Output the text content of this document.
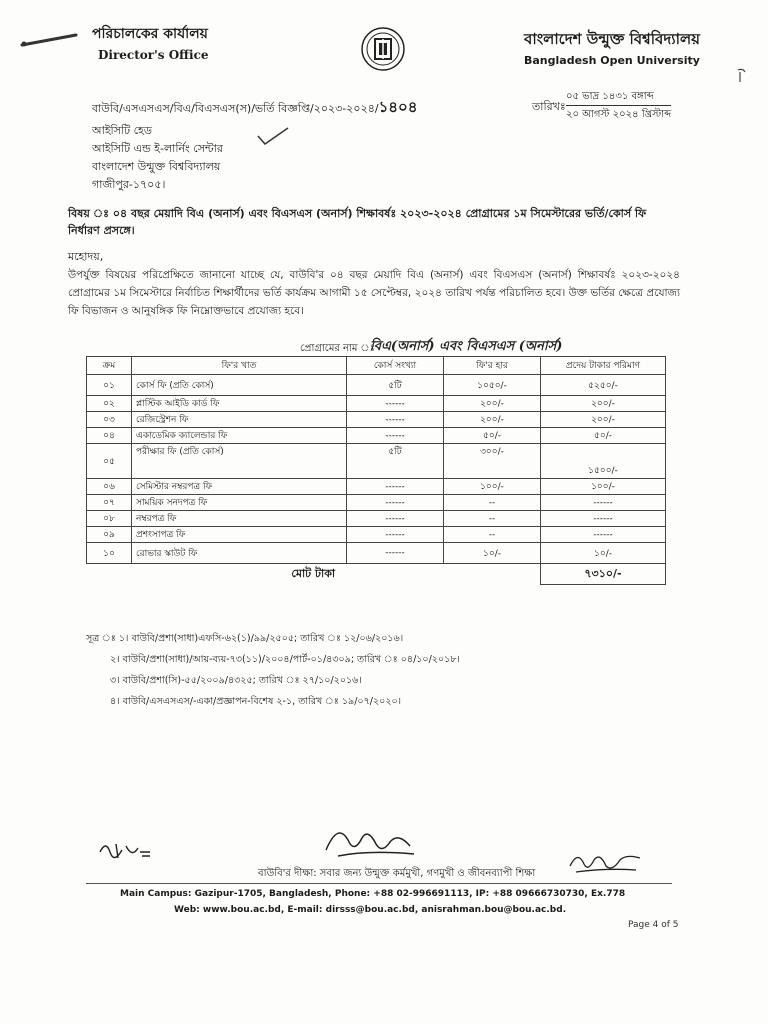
পরিচালকের কার্যালয়
Director's Office
বাংলাদেশ উন্মুক্ত বিশ্ববিদ্যালয়
Bangladesh Open University
বাউবি/এসএসএস/বিএ/বিএসএস(স)/ভর্তি বিজ্ঞপ্তি/২০২৩-২০২৪/১৪০৪	তারিখঃ
০৫ ভাদ্র ১৪৩১ বঙ্গাব্দ
২০ আগস্ট ২০২৪ খ্রিস্টাব্দ
আইসিটি হেড
আইসিটি এন্ড ই-লার্নিং সেন্টার
বাংলাদেশ উন্মুক্ত বিশ্ববিদ্যালয়
গাজীপুর-১৭০৫।
বিষয় ঃ ০৪ বছর মেয়াদি বিএ (অনার্স) এবং বিএসএস (অনার্স) শিক্ষাবর্ষঃ ২০২৩-২০২৪ প্রোগ্রামের ১ম সিমেস্টারের ভর্তি/কোর্স ফি নির্ধারণ প্রসঙ্গে।
মহোদয়,
উপর্যুক্ত বিষয়ের পরিপ্রেক্ষিতে জানানো যাচ্ছে যে, বাউবি'র ০৪ বছর মেয়াদি বিএ (অনার্স) এবং বিএসএস (অনার্স) শিক্ষাবর্ষঃ ২০২৩-২০২৪ প্রোগ্রামের ১ম সিমেস্টারে নির্বাচিত শিক্ষার্থীদের ভর্তি কার্যক্রম আগামী ১৫ সেপ্টেম্বর, ২০২৪ তারিখ পর্যন্ত পরিচালিত হবে। উক্ত ভর্তির ক্ষেত্রে প্রযোজ্য ফি বিভাজন ও আনুষঙ্গিক ফি নিম্নোক্তভাবে প্রযোজ্য হবে।
প্রোগ্রামের নাম ঃ
বিএ(অনার্স) এবং বিএসএস (অনার্স)
ক্রম	ফি'র খাত	কোর্স সংখ্যা	ফি'র হার	প্রদেয় টাকার পরিমাণ
০১	কোর্স ফি (প্রতি কোর্স)	৫টি	১০৫০/-	৫২৫০/-
০২	প্লাস্টিক আইডি কার্ড ফি	------	২০০/-	২০০/-
০৩	রেজিস্ট্রেশন ফি	------	২০০/-	২০০/-
০৪	একাডেমিক ক্যালেন্ডার ফি	------	৫০/-	৫০/-
০৫	পরীক্ষার ফি (প্রতি কোর্স)	৫টি	৩০০/-	১৫০০/-
০৬	সেমিস্টার নম্বরপত্র ফি	------	১০০/-	১০০/-
০৭	সাময়িক সনদপত্র ফি	------	--	------
০৮	নম্বরপত্র ফি	------	--	------
০৯	প্রশংসাপত্র ফি	------	--	------
১০	রোভার স্কাউট ফি	------	১০/-	১০/-
মোট টাকা				৭৩১০/-
সূত্র ঃ ১। বাউবি/প্রশা(সাধা)এফসি-৬২(১)/৯৯/২৫০৫; তারিখ ঃ ১২/০৬/২০১৬।
২। বাউবি/প্রশা(সাধা)/আয়-ব্যয়-৭৩(১১)/২০০৪/পার্ট-০১/৪৩০৯; তারিখ ঃ ০৪/১০/২০১৮।
৩। বাউবি/প্রশা(সি)-৫৫/২০০৯/৪৩২৫; তারিখ ঃ ২৭/১০/২০১৬।
৪। বাউবি/এসএসএস/-একা/প্রজ্ঞাপন-বিশেষ ২-১, তারিখ ঃ ১৯/০৭/২০২০।
বাউবি'র দীক্ষা: সবার জন্য উন্মুক্ত কর্মমুখী, গণমুখী ও জীবনব্যাপী শিক্ষা
Main Campus: Gazipur-1705, Bangladesh, Phone: +88 02-996691113, IP: +88 09666730730, Ex.778
Web: www.bou.ac.bd, E-mail: dirsss@bou.ac.bd, anisrahman.bou@bou.ac.bd.
Page 4 of 5
